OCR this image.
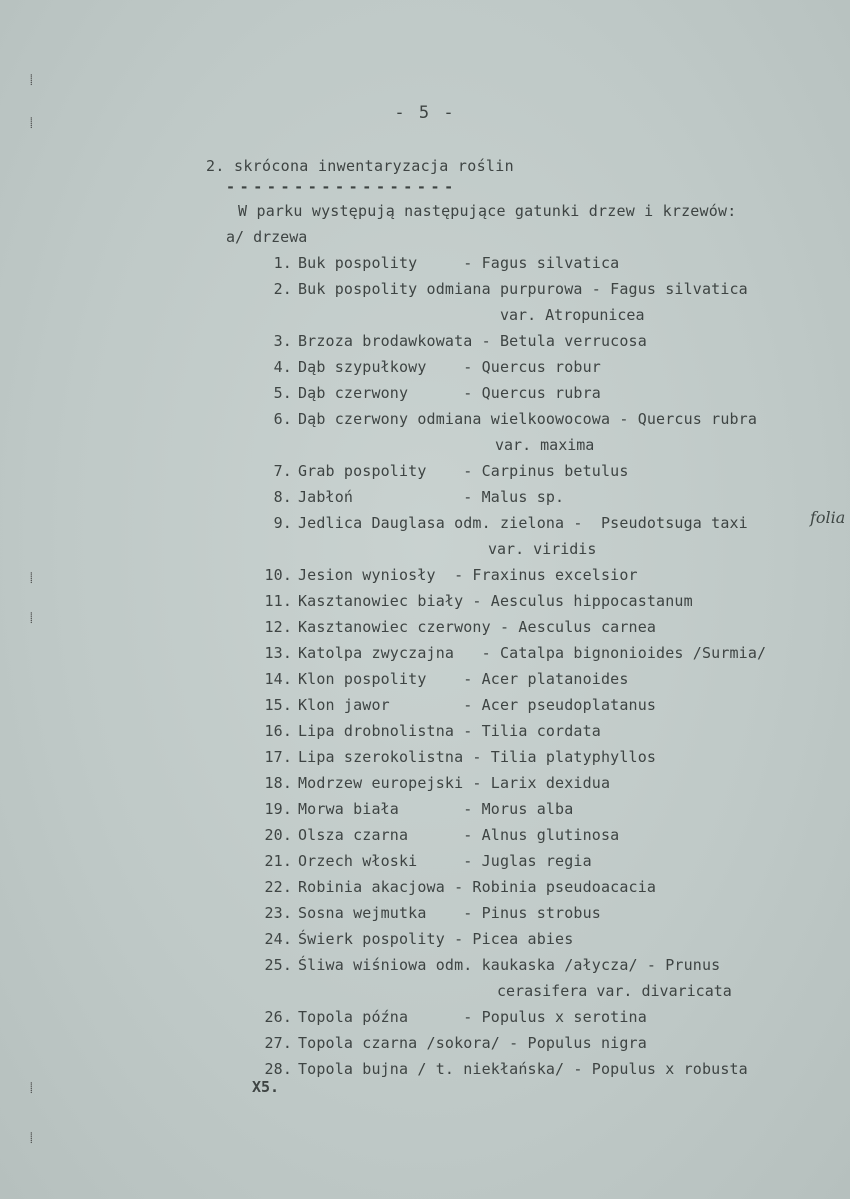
⸽
⸽
⸽
⸽
⸽
⸽
- 5 -
2. skrócona inwentaryzacja roślin
-----------------
W parku występują następujące gatunki drzew i krzewów:
a/ drzewa
1. Buk pospolity     - Fagus silvatica
2. Buk pospolity odmiana purpurowa - Fagus silvatica
var. Atropunicea
3. Brzoza brodawkowata - Betula verrucosa
4. Dąb szypułkowy    - Quercus robur
5. Dąb czerwony      - Quercus rubra
6. Dąb czerwony odmiana wielkoowocowa - Quercus rubra
var. maxima
7. Grab pospolity    - Carpinus betulus
8. Jabłoń            - Malus sp.
9. Jedlica Dauglasa odm. zielona -  Pseudotsuga taxi
var. viridis
10. Jesion wyniosły  - Fraxinus excelsior
11. Kasztanowiec biały - Aesculus hippocastanum
12. Kasztanowiec czerwony - Aesculus carnea
13. Katolpa zwyczajna   - Catalpa bignonioides /Surmia/
14. Klon pospolity    - Acer platanoides
15. Klon jawor        - Acer pseudoplatanus
16. Lipa drobnolistna - Tilia cordata
17. Lipa szerokolistna - Tilia platyphyllos
18. Modrzew europejski - Larix dexidua
19. Morwa biała       - Morus alba
20. Olsza czarna      - Alnus glutinosa
21. Orzech włoski     - Juglas regia
22. Robinia akacjowa - Robinia pseudoacacia
23. Sosna wejmutka    - Pinus strobus
24. Świerk pospolity - Picea abies
25. Śliwa wiśniowa odm. kaukaska /ałycza/ - Prunus
cerasifera var. divaricata
26. Topola późna      - Populus x serotina
27. Topola czarna /sokora/ - Populus nigra
28. Topola bujna / t. niekłańska/ - Populus x robusta
folia
X5.
